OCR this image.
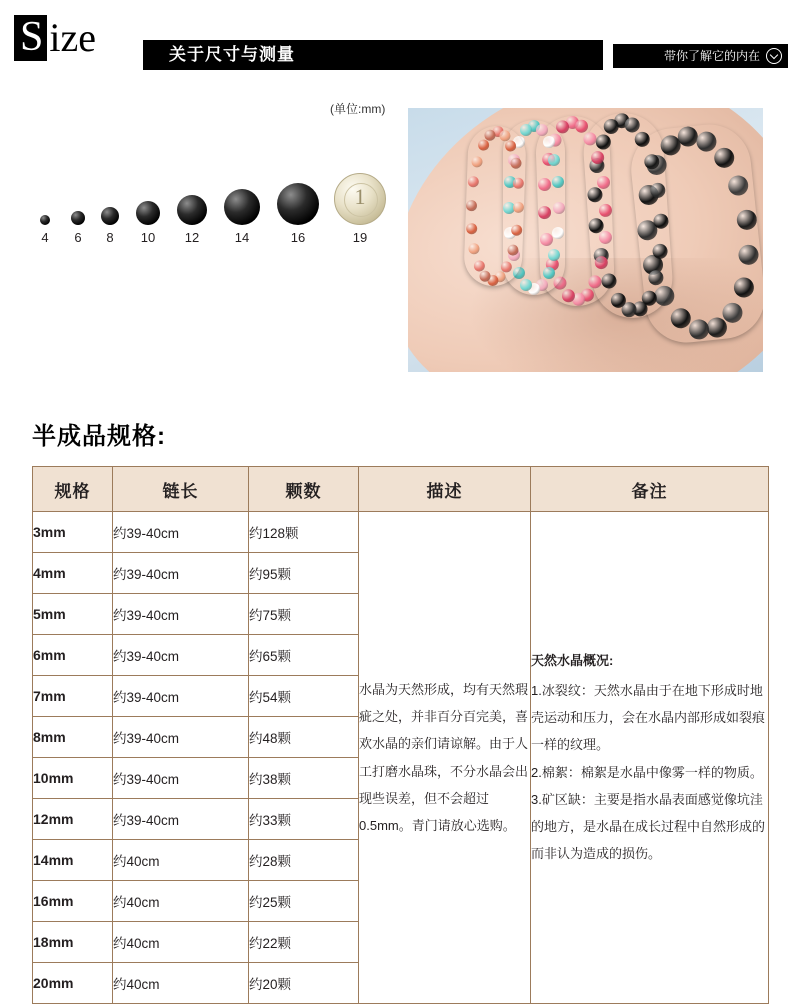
S ize	关于尺寸与测量	带你了解它的内在
(单位:mm)
1
4 6 8 10 12	14	16	19
半成品规格:
规格	链长	颗数	描述	备注
3mm	约39-40cm	约128颗	水晶为天然形成，均有天然瑕疵之处，并非百分百完美，喜欢水晶的亲们请谅解。由于人工打磨水晶珠，不分水晶会出现些误差，但不会超过0.5mm。青门请放心选购。	天然水晶概况:
1.冰裂纹：天然水晶由于在地下形成时地壳运动和压力，会在水晶内部形成如裂痕一样的纹理。
2.棉絮：棉絮是水晶中像雾一样的物质。
3.矿区缺：主要是指水晶表面感觉像坑洼的地方，是水晶在成长过程中自然形成的而非认为造成的损伤。

4mm	约39-40cm	约95颗		
5mm	约39-40cm	约75颗		
6mm	约39-40cm	约65颗		
7mm	约39-40cm	约54颗		
8mm	约39-40cm	约48颗		
10mm	约39-40cm	约38颗		
12mm	约39-40cm	约33颗		
14mm	约40cm	约28颗		
16mm	约40cm	约25颗		
18mm	约40cm	约22颗		
20mm	约40cm	约20颗		
